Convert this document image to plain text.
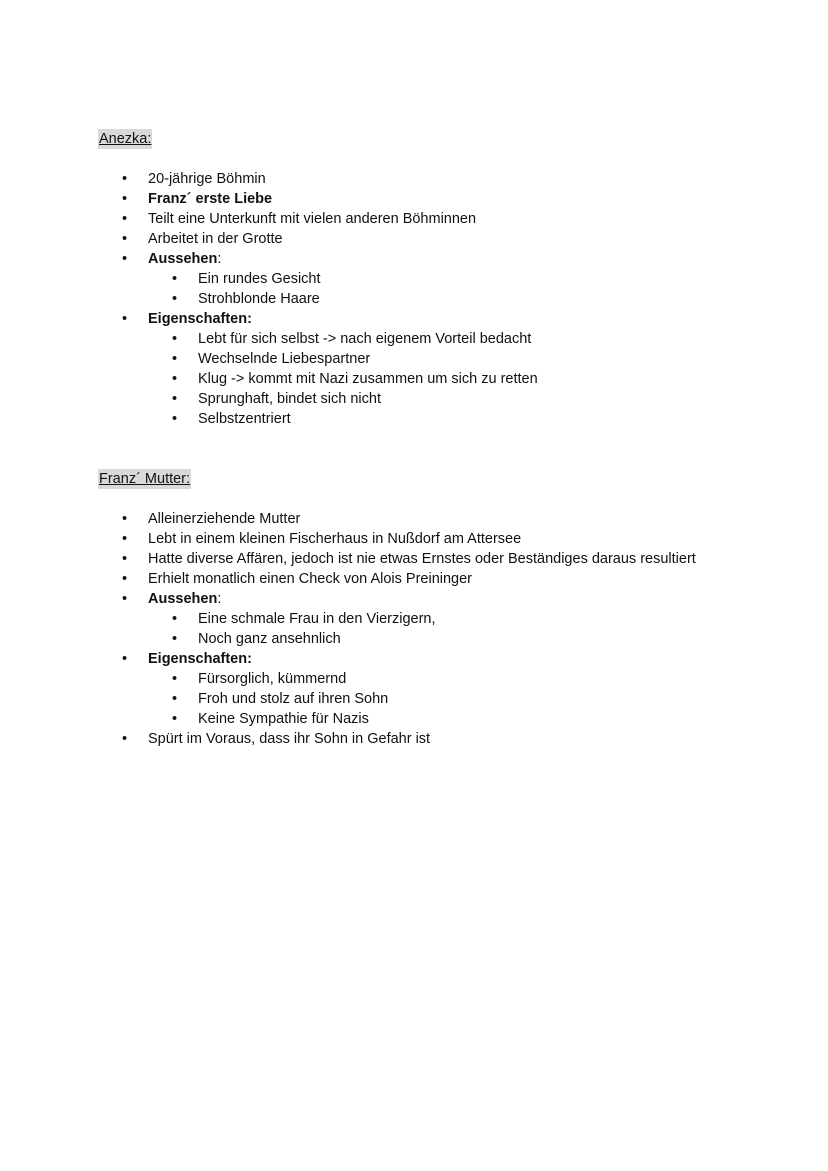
Anezka:
• 20-jährige Böhmin
• Franz´ erste Liebe
• Teilt eine Unterkunft mit vielen anderen Böhminnen
• Arbeitet in der Grotte
• Aussehen:
• Ein rundes Gesicht
• Strohblonde Haare
• Eigenschaften:
• Lebt für sich selbst -> nach eigenem Vorteil bedacht
• Wechselnde Liebespartner
• Klug -> kommt mit Nazi zusammen um sich zu retten
• Sprunghaft, bindet sich nicht
• Selbstzentriert
Franz´ Mutter:
• Alleinerziehende Mutter
• Lebt in einem kleinen Fischerhaus in Nußdorf am Attersee
• Hatte diverse Affären, jedoch ist nie etwas Ernstes oder Beständiges daraus resultiert
• Erhielt monatlich einen Check von Alois Preininger
• Aussehen:
• Eine schmale Frau in den Vierzigern,
• Noch ganz ansehnlich
• Eigenschaften:
• Fürsorglich, kümmernd
• Froh und stolz auf ihren Sohn
• Keine Sympathie für Nazis
• Spürt im Voraus, dass ihr Sohn in Gefahr ist
